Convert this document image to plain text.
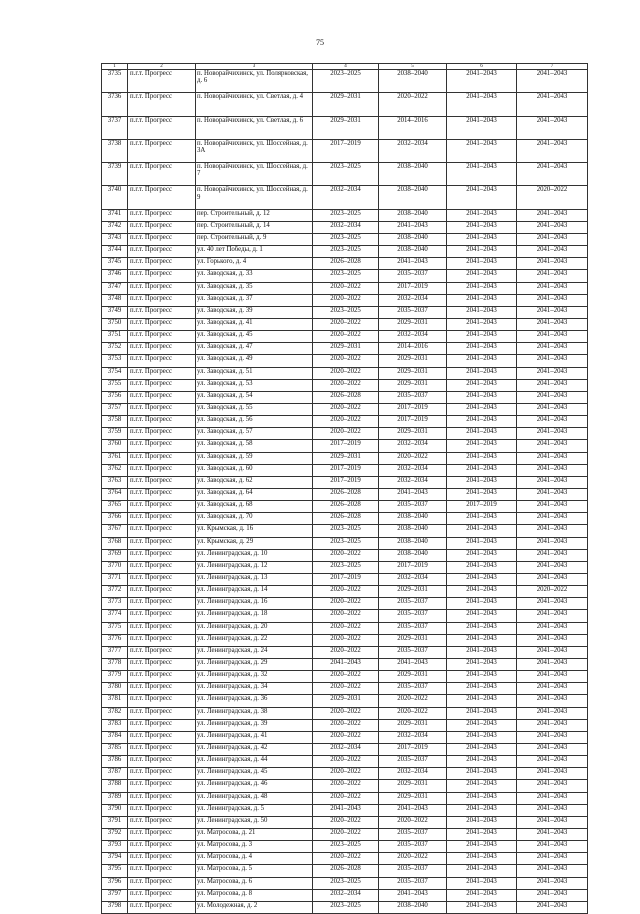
75
1	2	3	4	5	6	7
3735	п.г.т. Прогресс	п. Новорайчихинск, ул. Полярковская, д. 6	2023–2025	2038–2040	2041–2043	2041–2043
3736	п.г.т. Прогресс	п. Новорайчихинск, ул. Светлая, д. 4	2029–2031	2020–2022	2041–2043	2041–2043
3737	п.г.т. Прогресс	п. Новорайчихинск, ул. Светлая, д. 6	2029–2031	2014–2016	2041–2043	2041–2043
3738	п.г.т. Прогресс	п. Новорайчихинск, ул. Шоссейная, д. 3А	2017–2019	2032–2034	2041–2043	2041–2043
3739	п.г.т. Прогресс	п. Новорайчихинск, ул. Шоссейная, д. 7	2023–2025	2038–2040	2041–2043	2041–2043
3740	п.г.т. Прогресс	п. Новорайчихинск, ул. Шоссейная, д. 9	2032–2034	2038–2040	2041–2043	2020–2022
3741	п.г.т. Прогресс	пер. Строительный, д. 12	2023–2025	2038–2040	2041–2043	2041–2043
3742	п.г.т. Прогресс	пер. Строительный, д. 14	2032–2034	2041–2043	2041–2043	2041–2043
3743	п.г.т. Прогресс	пер. Строительный, д. 9	2023–2025	2038–2040	2041–2043	2041–2043
3744	п.г.т. Прогресс	ул. 40 лет Победы, д. 1	2023–2025	2038–2040	2041–2043	2041–2043
3745	п.г.т. Прогресс	ул. Горького, д. 4	2026–2028	2041–2043	2041–2043	2041–2043
3746	п.г.т. Прогресс	ул. Заводская, д. 33	2023–2025	2035–2037	2041–2043	2041–2043
3747	п.г.т. Прогресс	ул. Заводская, д. 35	2020–2022	2017–2019	2041–2043	2041–2043
3748	п.г.т. Прогресс	ул. Заводская, д. 37	2020–2022	2032–2034	2041–2043	2041–2043
3749	п.г.т. Прогресс	ул. Заводская, д. 39	2023–2025	2035–2037	2041–2043	2041–2043
3750	п.г.т. Прогресс	ул. Заводская, д. 41	2020–2022	2029–2031	2041–2043	2041–2043
3751	п.г.т. Прогресс	ул. Заводская, д. 45	2020–2022	2032–2034	2041–2043	2041–2043
3752	п.г.т. Прогресс	ул. Заводская, д. 47	2029–2031	2014–2016	2041–2043	2041–2043
3753	п.г.т. Прогресс	ул. Заводская, д. 49	2020–2022	2029–2031	2041–2043	2041–2043
3754	п.г.т. Прогресс	ул. Заводская, д. 51	2020–2022	2029–2031	2041–2043	2041–2043
3755	п.г.т. Прогресс	ул. Заводская, д. 53	2020–2022	2029–2031	2041–2043	2041–2043
3756	п.г.т. Прогресс	ул. Заводская, д. 54	2026–2028	2035–2037	2041–2043	2041–2043
3757	п.г.т. Прогресс	ул. Заводская, д. 55	2020–2022	2017–2019	2041–2043	2041–2043
3758	п.г.т. Прогресс	ул. Заводская, д. 56	2020–2022	2017–2019	2041–2043	2041–2043
3759	п.г.т. Прогресс	ул. Заводская, д. 57	2020–2022	2029–2031	2041–2043	2041–2043
3760	п.г.т. Прогресс	ул. Заводская, д. 58	2017–2019	2032–2034	2041–2043	2041–2043
3761	п.г.т. Прогресс	ул. Заводская, д. 59	2029–2031	2020–2022	2041–2043	2041–2043
3762	п.г.т. Прогресс	ул. Заводская, д. 60	2017–2019	2032–2034	2041–2043	2041–2043
3763	п.г.т. Прогресс	ул. Заводская, д. 62	2017–2019	2032–2034	2041–2043	2041–2043
3764	п.г.т. Прогресс	ул. Заводская, д. 64	2026–2028	2041–2043	2041–2043	2041–2043
3765	п.г.т. Прогресс	ул. Заводская, д. 68	2026–2028	2035–2037	2017–2019	2041–2043
3766	п.г.т. Прогресс	ул. Заводская, д. 70	2026–2028	2038–2040	2041–2043	2041–2043
3767	п.г.т. Прогресс	ул. Крымская, д. 16	2023–2025	2038–2040	2041–2043	2041–2043
3768	п.г.т. Прогресс	ул. Крымская, д. 29	2023–2025	2038–2040	2041–2043	2041–2043
3769	п.г.т. Прогресс	ул. Ленинградская, д. 10	2020–2022	2038–2040	2041–2043	2041–2043
3770	п.г.т. Прогресс	ул. Ленинградская, д. 12	2023–2025	2017–2019	2041–2043	2041–2043
3771	п.г.т. Прогресс	ул. Ленинградская, д. 13	2017–2019	2032–2034	2041–2043	2041–2043
3772	п.г.т. Прогресс	ул. Ленинградская, д. 14	2020–2022	2029–2031	2041–2043	2020–2022
3773	п.г.т. Прогресс	ул. Ленинградская, д. 16	2020–2022	2035–2037	2041–2043	2041–2043
3774	п.г.т. Прогресс	ул. Ленинградская, д. 18	2020–2022	2035–2037	2041–2043	2041–2043
3775	п.г.т. Прогресс	ул. Ленинградская, д. 20	2020–2022	2035–2037	2041–2043	2041–2043
3776	п.г.т. Прогресс	ул. Ленинградская, д. 22	2020–2022	2029–2031	2041–2043	2041–2043
3777	п.г.т. Прогресс	ул. Ленинградская, д. 24	2020–2022	2035–2037	2041–2043	2041–2043
3778	п.г.т. Прогресс	ул. Ленинградская, д. 29	2041–2043	2041–2043	2041–2043	2041–2043
3779	п.г.т. Прогресс	ул. Ленинградская, д. 32	2020–2022	2029–2031	2041–2043	2041–2043
3780	п.г.т. Прогресс	ул. Ленинградская, д. 34	2020–2022	2035–2037	2041–2043	2041–2043
3781	п.г.т. Прогресс	ул. Ленинградская, д. 36	2029–2031	2020–2022	2041–2043	2041–2043
3782	п.г.т. Прогресс	ул. Ленинградская, д. 38	2020–2022	2020–2022	2041–2043	2041–2043
3783	п.г.т. Прогресс	ул. Ленинградская, д. 39	2020–2022	2029–2031	2041–2043	2041–2043
3784	п.г.т. Прогресс	ул. Ленинградская, д. 41	2020–2022	2032–2034	2041–2043	2041–2043
3785	п.г.т. Прогресс	ул. Ленинградская, д. 42	2032–2034	2017–2019	2041–2043	2041–2043
3786	п.г.т. Прогресс	ул. Ленинградская, д. 44	2020–2022	2035–2037	2041–2043	2041–2043
3787	п.г.т. Прогресс	ул. Ленинградская, д. 45	2020–2022	2032–2034	2041–2043	2041–2043
3788	п.г.т. Прогресс	ул. Ленинградская, д. 46	2020–2022	2029–2031	2041–2043	2041–2043
3789	п.г.т. Прогресс	ул. Ленинградская, д. 48	2020–2022	2029–2031	2041–2043	2041–2043
3790	п.г.т. Прогресс	ул. Ленинградская, д. 5	2041–2043	2041–2043	2041–2043	2041–2043
3791	п.г.т. Прогресс	ул. Ленинградская, д. 50	2020–2022	2020–2022	2041–2043	2041–2043
3792	п.г.т. Прогресс	ул. Матросова, д. 21	2020–2022	2035–2037	2041–2043	2041–2043
3793	п.г.т. Прогресс	ул. Матросова, д. 3	2023–2025	2035–2037	2041–2043	2041–2043
3794	п.г.т. Прогресс	ул. Матросова, д. 4	2020–2022	2020–2022	2041–2043	2041–2043
3795	п.г.т. Прогресс	ул. Матросова, д. 5	2026–2028	2035–2037	2041–2043	2041–2043
3796	п.г.т. Прогресс	ул. Матросова, д. 6	2023–2025	2035–2037	2041–2043	2041–2043
3797	п.г.т. Прогресс	ул. Матросова, д. 8	2032–2034	2041–2043	2041–2043	2041–2043
3798	п.г.т. Прогресс	ул. Молодежная, д. 2	2023–2025	2038–2040	2041–2043	2041–2043
